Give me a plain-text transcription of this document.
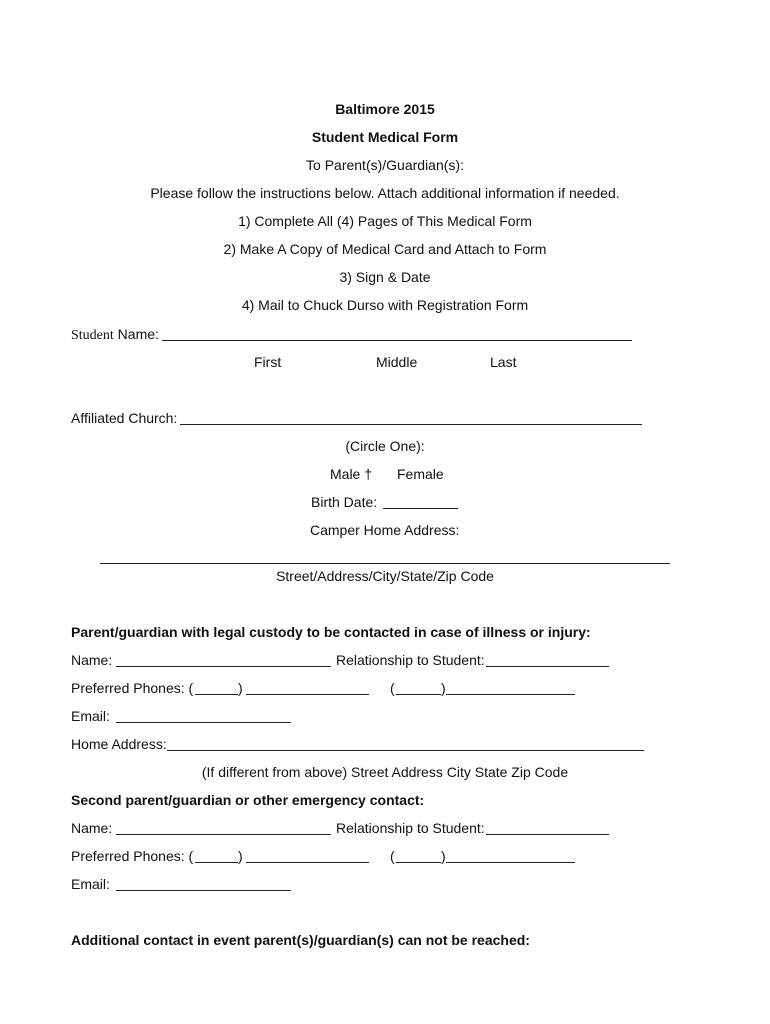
Baltimore 2015
Student Medical Form
To Parent(s)/Guardian(s):
Please follow the instructions below. Attach additional information if needed.
1) Complete All (4) Pages of This Medical Form
2) Make A Copy of Medical Card and Attach to Form
3) Sign & Date
4) Mail to Chuck Durso with Registration Form
Student Name:
First	Middle	Last
Affiliated Church:
(Circle One):
Male † Female
Birth Date:
Camper Home Address:
Street/Address/City/State/Zip Code
Parent/guardian with legal custody to be contacted in case of illness or injury:
Name:	Relationship to Student:
Preferred Phones: (	)	(	)
Email:
Home Address:
(If different from above) Street Address City State Zip Code
Second parent/guardian or other emergency contact:
Name:	Relationship to Student:
Preferred Phones: (	)	(	)
Email:
Additional contact in event parent(s)/guardian(s) can not be reached:
